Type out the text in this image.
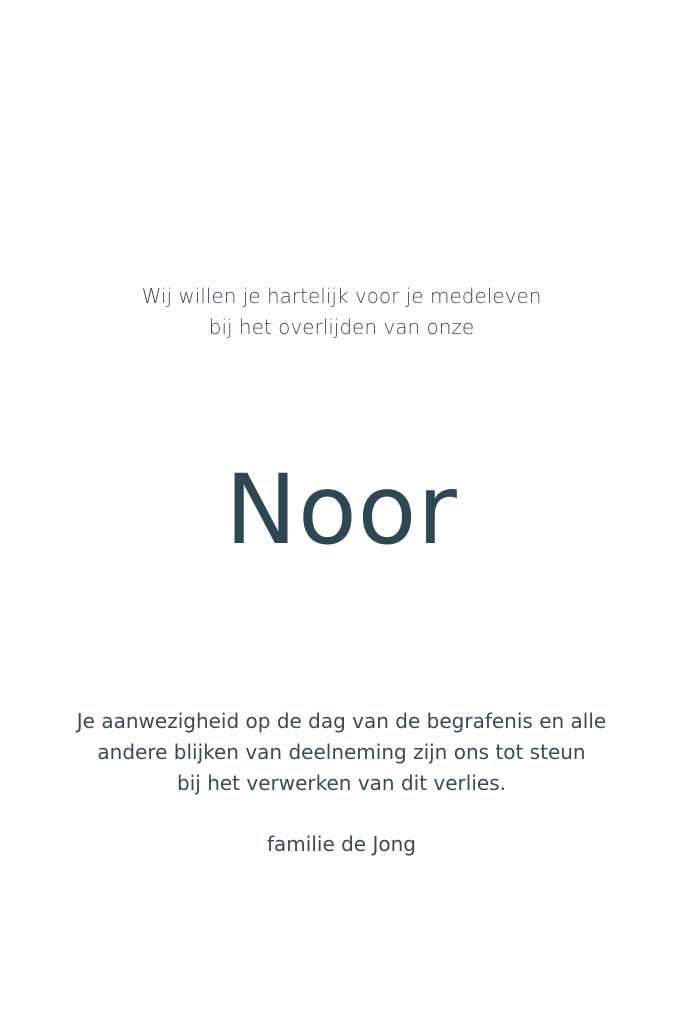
Wij willen je hartelijk voor je medeleven
bij het overlijden van onze
Noor
Je aanwezigheid op de dag van de begrafenis en alle
andere blijken van deelneming zijn ons tot steun
bij het verwerken van dit verlies.
familie de Jong
